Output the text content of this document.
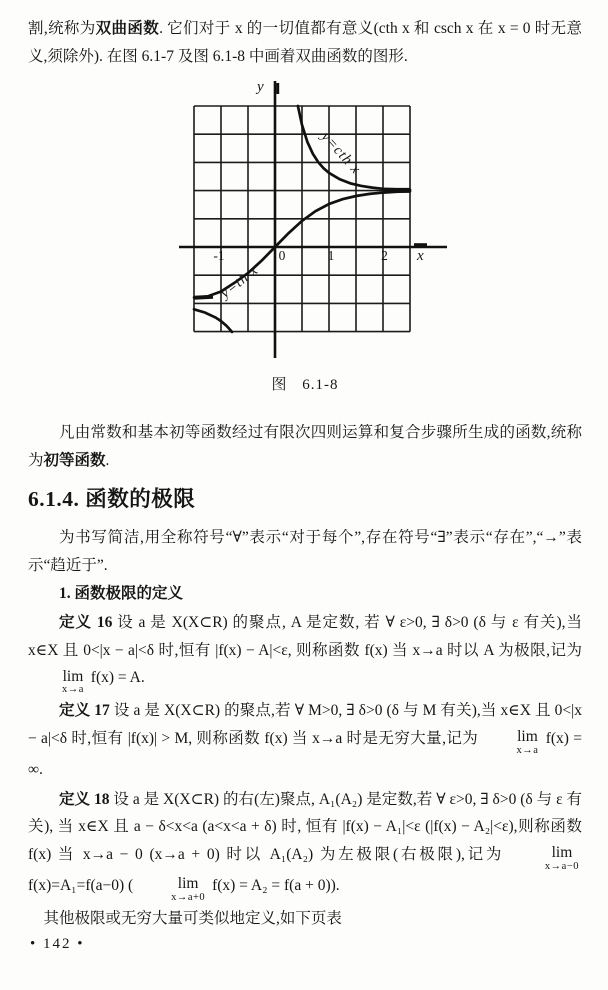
割,统称为双曲函数. 它们对于 x 的一切值都有意义(cth x 和 csch x 在 x = 0 时无意义,须除外). 在图 6.1-7 及图 6.1-8 中画着双曲函数的图形.

y
x
-1	0	1	2
y=cth x
y=th x
图 6.1-8

凡由常数和基本初等函数经过有限次四则运算和复合步骤所生成的函数,统称为初等函数.

6.1.4. 函数的极限

为书写简洁,用全称符号“∀”表示“对于每个”,存在符号“∃”表示“存在”,“→”表示“趋近于”.

1. 函数极限的定义

定义 16 设 a 是 X(X⊂R) 的聚点, A 是定数, 若 ∀ ε>0, ∃ δ>0 (δ 与 ε 有关),当 x∈X 且 0<|x − a|<δ 时,恒有 |f(x) − A|<ε, 则称函数 f(x) 当 x→a 时以 A 为极限,记为
lim
x→a
f(x) = A.

定义 17 设 a 是 X(X⊂R) 的聚点,若 ∀ M>0, ∃ δ>0 (δ 与 M 有关),当 x∈X 且 0<|x − a|<δ 时,恒有 |f(x)| > M, 则称函数 f(x) 当 x→a 时是无穷大量,记为	lim
x→a
f(x) = ∞.

定义 18 设 a 是 X(X⊂R) 的右(左)聚点, A₁(A₂) 是定数,若 ∀ ε>0, ∃ δ>0 (δ 与 ε 有关), 当 x∈X 且 a − δ<x<a (a<x<a + δ) 时, 恒有 |f(x) − A₁|<ε (|f(x) − A₂|<ε),则称函数 f(x) 当 x→a − 0 (x→a + 0) 时以 A₁(A₂) 为左极限(右极限),记为	lim
x→a−0
f(x)=A₁=f(a−0) (	lim
x→a+0
f(x) = A₂ = f(a + 0)).

其他极限或无穷大量可类似地定义,如下页表

• 142 •
